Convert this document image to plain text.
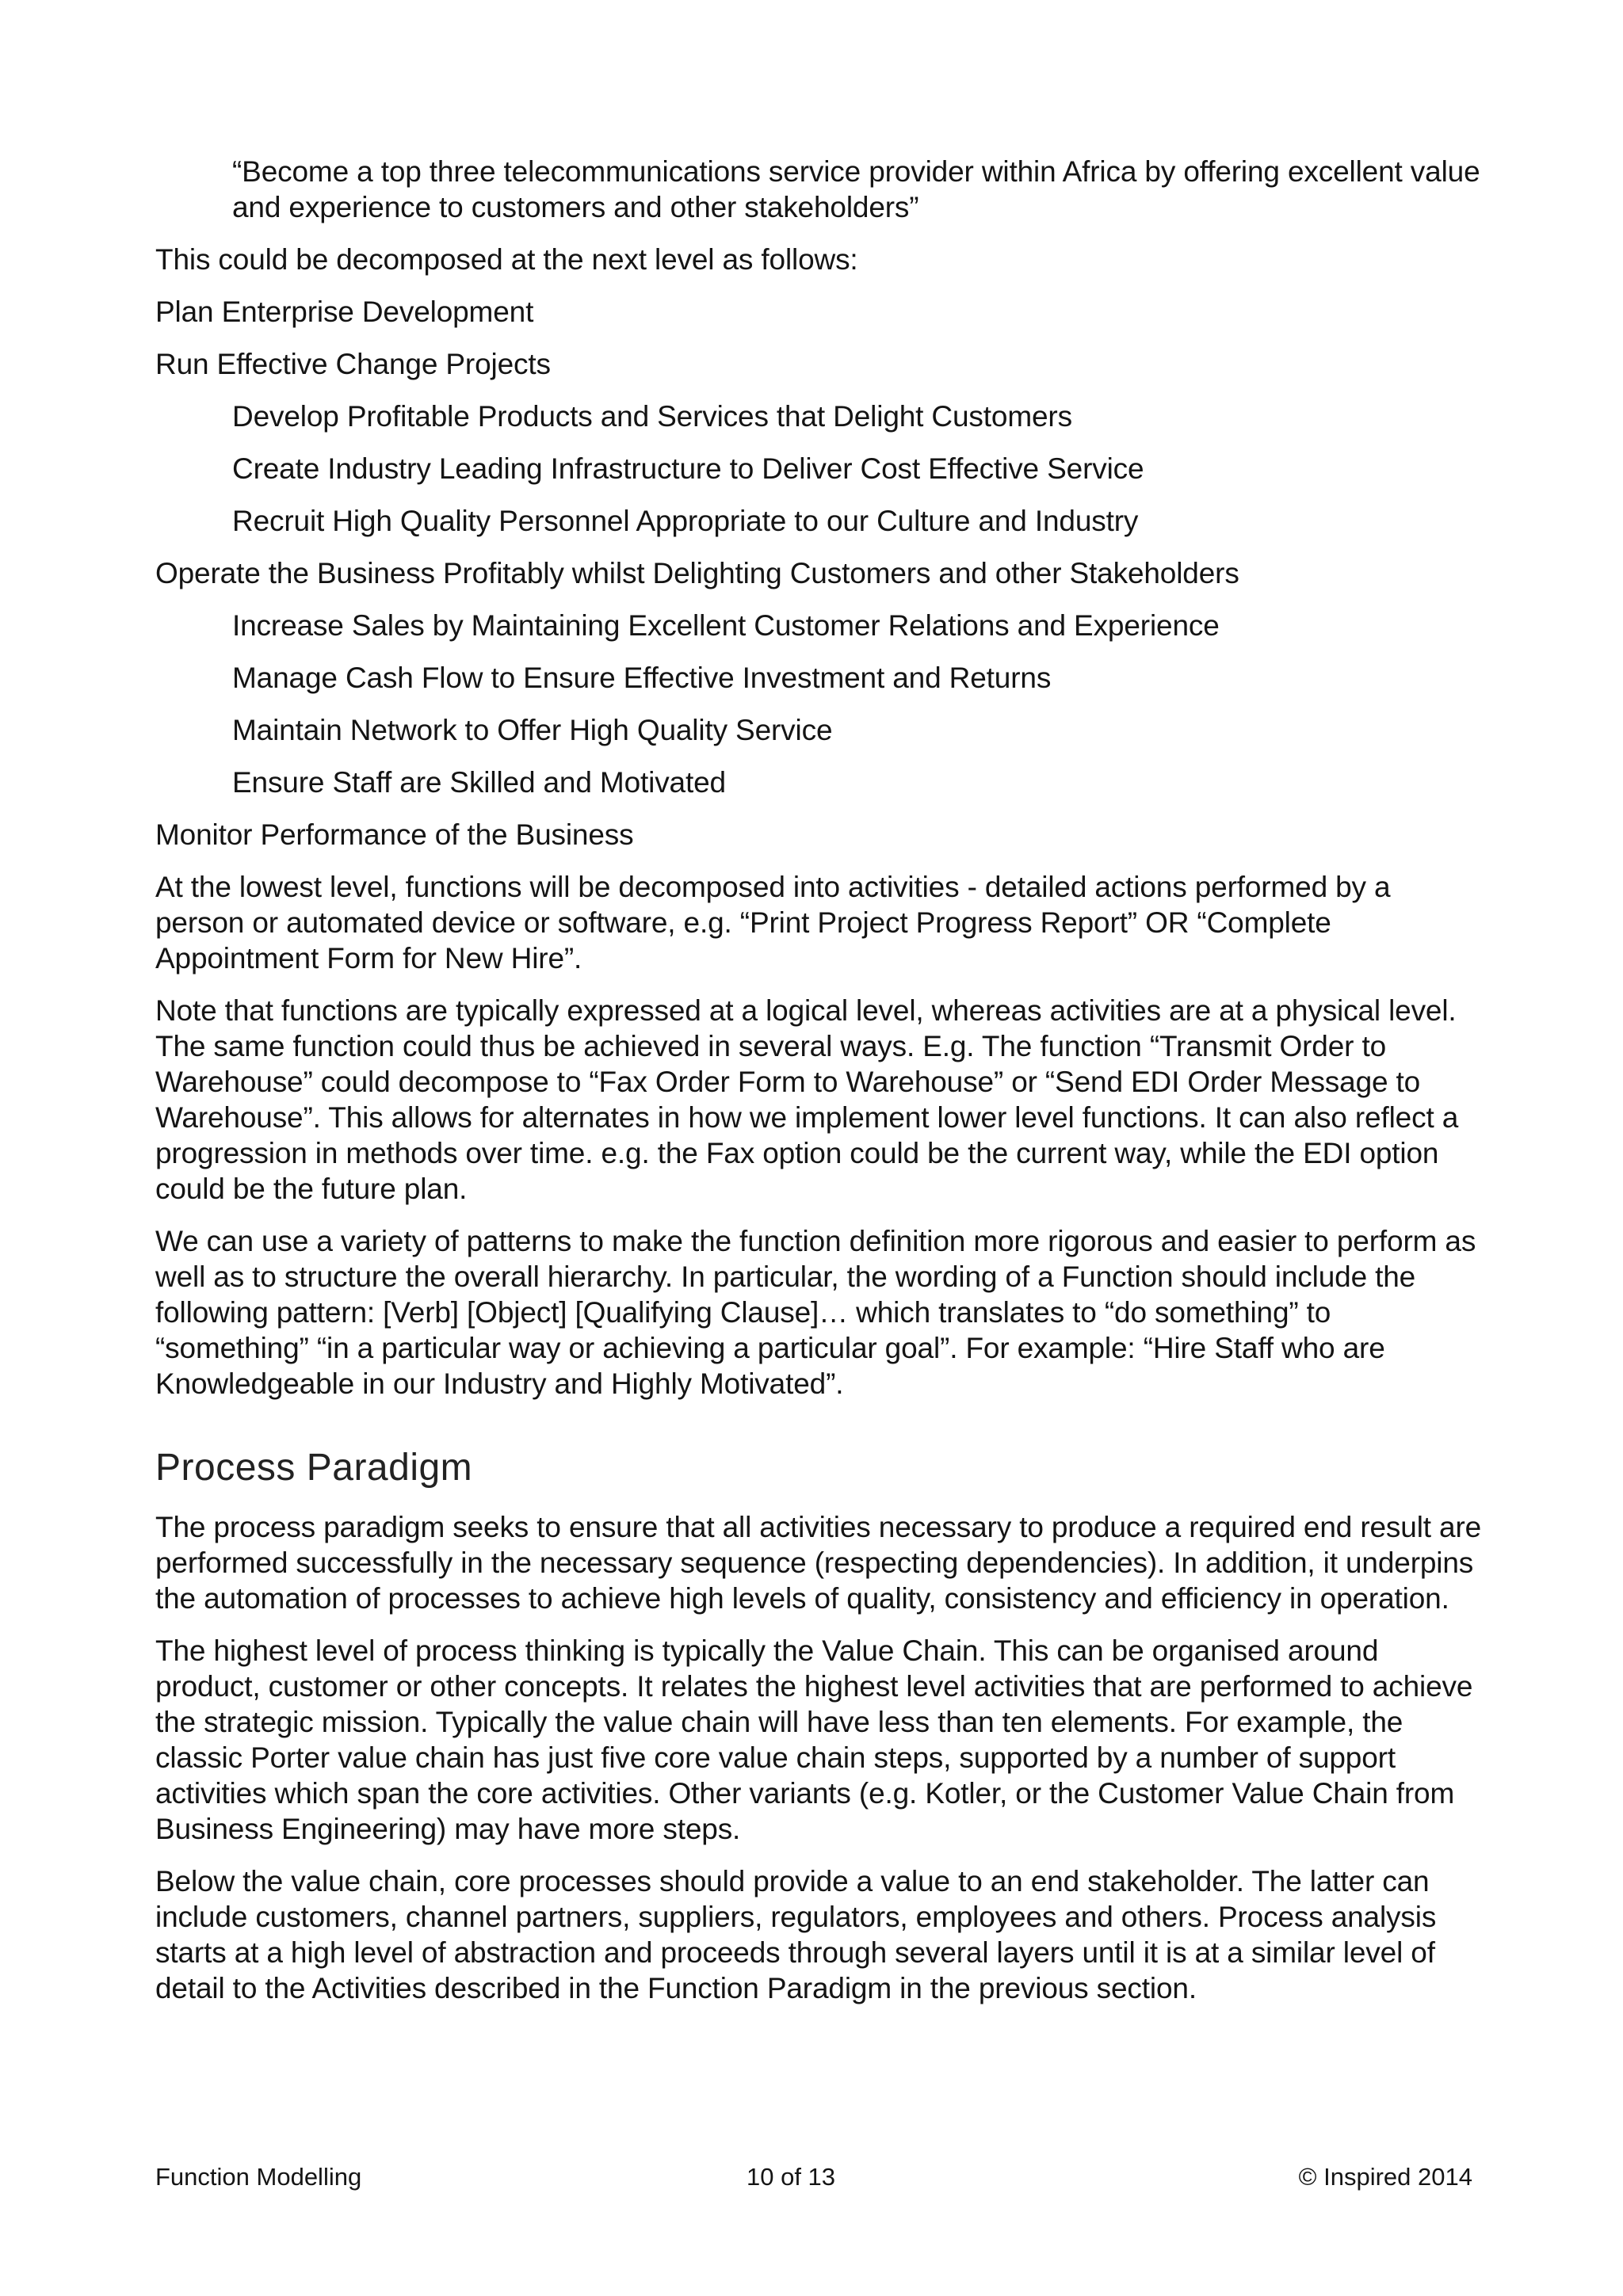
“Become a top three telecommunications service provider within Africa by offering excellent value and experience to customers and other stakeholders”

This could be decomposed at the next level as follows:

Plan Enterprise Development

Run Effective Change Projects

Develop Profitable Products and Services that Delight Customers

Create Industry Leading Infrastructure to Deliver Cost Effective Service

Recruit High Quality Personnel Appropriate to our Culture and Industry

Operate the Business Profitably whilst Delighting Customers and other Stakeholders

Increase Sales by Maintaining Excellent Customer Relations and Experience

Manage Cash Flow to Ensure Effective Investment and Returns

Maintain Network to Offer High Quality Service

Ensure Staff are Skilled and Motivated

Monitor Performance of the Business

At the lowest level, functions will be decomposed into activities - detailed actions performed by a person or automated device or software, e.g. “Print Project Progress Report” OR “Complete Appointment Form for New Hire”.

Note that functions are typically expressed at a logical level, whereas activities are at a physical level. The same function could thus be achieved in several ways. E.g. The function “Transmit Order to Warehouse” could decompose to “Fax Order Form to Warehouse” or “Send EDI Order Message to Warehouse”. This allows for alternates in how we implement lower level functions. It can also reflect a progression in methods over time. e.g. the Fax option could be the current way, while the EDI option could be the future plan.

We can use a variety of patterns to make the function definition more rigorous and easier to perform as well as to structure the overall hierarchy. In particular, the wording of a Function should include the following pattern: [Verb] [Object] [Qualifying Clause]… which translates to “do something” to “something” “in a particular way or achieving a particular goal”. For example: “Hire Staff who are Knowledgeable in our Industry and Highly Motivated”.

Process Paradigm

The process paradigm seeks to ensure that all activities necessary to produce a required end result are performed successfully in the necessary sequence (respecting dependencies). In addition, it underpins the automation of processes to achieve high levels of quality, consistency and efficiency in operation.

The highest level of process thinking is typically the Value Chain. This can be organised around product, customer or other concepts. It relates the highest level activities that are performed to achieve the strategic mission. Typically the value chain will have less than ten elements. For example, the classic Porter value chain has just five core value chain steps, supported by a number of support activities which span the core activities. Other variants (e.g. Kotler, or the Customer Value Chain from Business Engineering) may have more steps.

Below the value chain, core processes should provide a value to an end stakeholder. The latter can include customers, channel partners, suppliers, regulators, employees and others. Process analysis starts at a high level of abstraction and proceeds through several layers until it is at a similar level of detail to the Activities described in the Function Paradigm in the previous section.

Function Modelling	10 of 13	© Inspired 2014
